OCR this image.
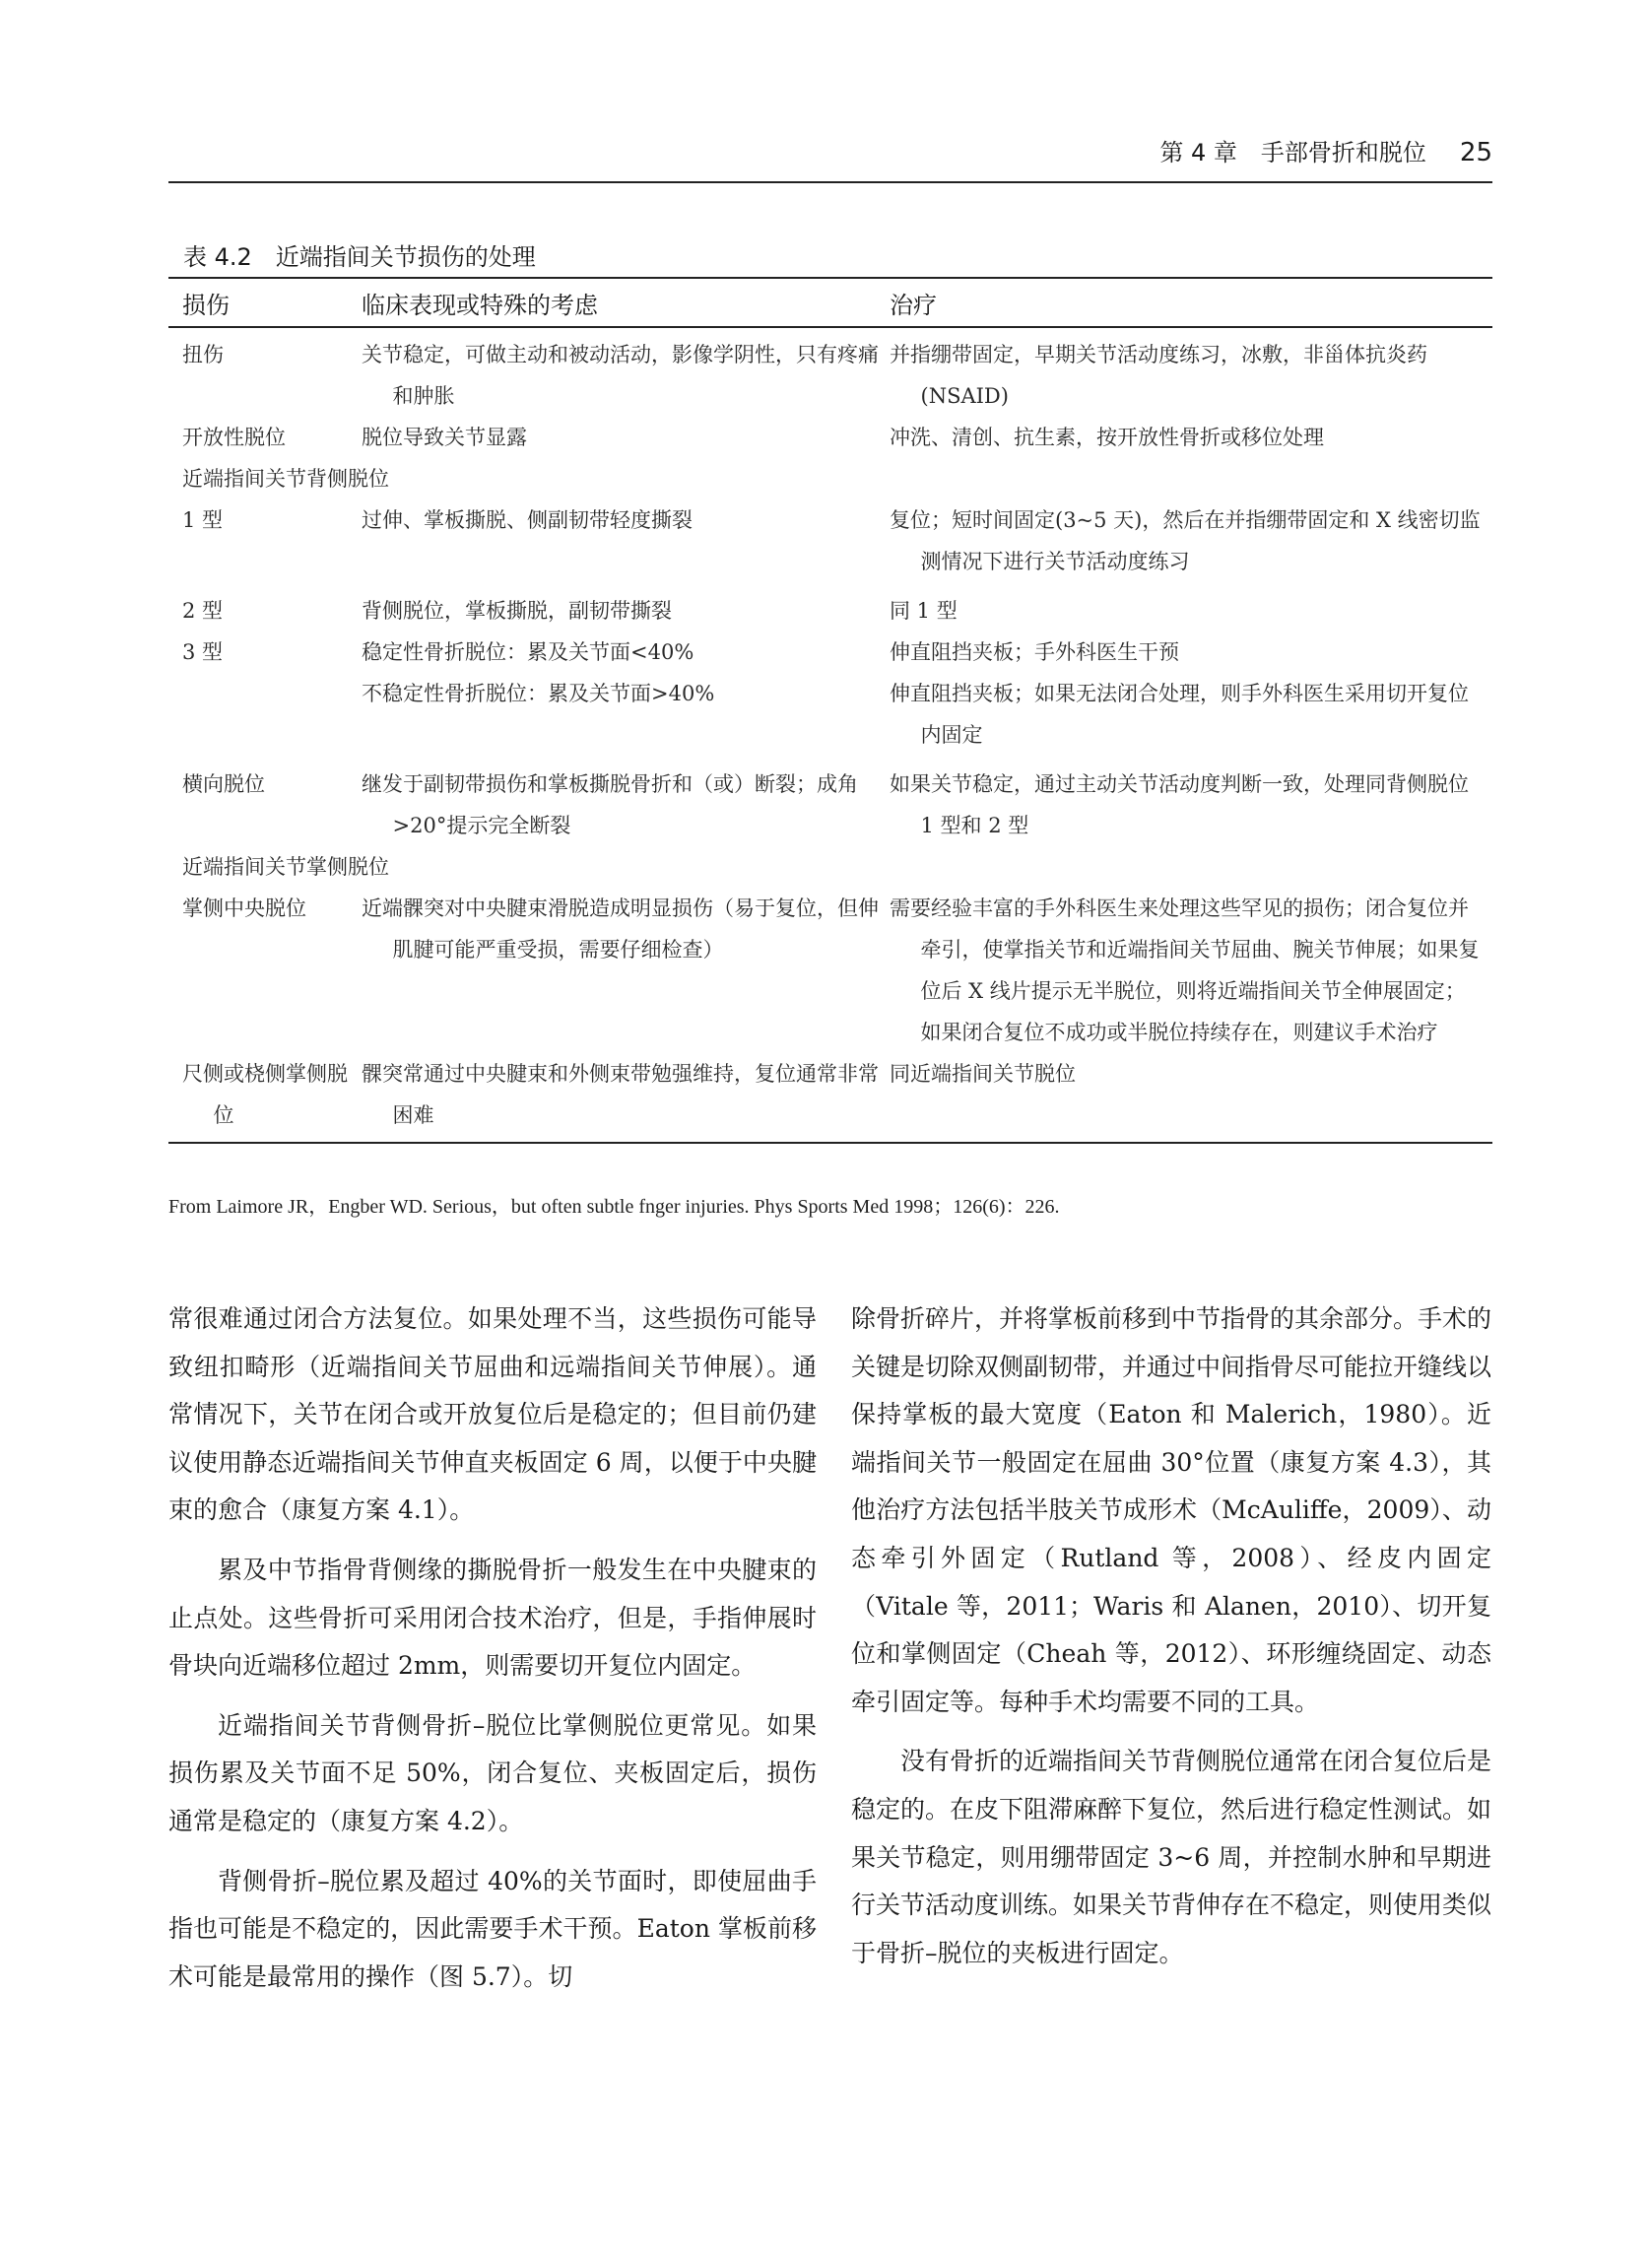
第 4 章　手部骨折和脱位 25
表 4.2　近端指间关节损伤的处理
损伤	临床表现或特殊的考虑	治疗
扭伤	关节稳定，可做主动和被动活动，影像学阴性，只有疼痛和肿胀	并指绷带固定，早期关节活动度练习，冰敷，非甾体抗炎药(NSAID)

开放性脱位	脱位导致关节显露	冲洗、清创、抗生素，按开放性骨折或移位处理

近端指间关节背侧脱位		
1 型	过伸、掌板撕脱、侧副韧带轻度撕裂	复位；短时间固定(3~5 天)，然后在并指绷带固定和 X 线密切监测情况下进行关节活动度练习

2 型	背侧脱位，掌板撕脱，副韧带撕裂	同 1 型

3 型	稳定性骨折脱位：累及关节面<40%	伸直阻挡夹板；手外科医生干预

	不稳定性骨折脱位：累及关节面>40%	伸直阻挡夹板；如果无法闭合处理，则手外科医生采用切开复位内固定

横向脱位	继发于副韧带损伤和掌板撕脱骨折和（或）断裂；成角>20°提示完全断裂	如果关节稳定，通过主动关节活动度判断一致，处理同背侧脱位 1 型和 2 型

近端指间关节掌侧脱位		
掌侧中央脱位	近端髁突对中央腱束滑脱造成明显损伤（易于复位，但伸肌腱可能严重受损，需要仔细检查）	需要经验丰富的手外科医生来处理这些罕见的损伤；闭合复位并牵引，使掌指关节和近端指间关节屈曲、腕关节伸展；如果复位后 X 线片提示无半脱位，则将近端指间关节全伸展固定；如果闭合复位不成功或半脱位持续存在，则建议手术治疗

尺侧或桡侧掌侧脱位	髁突常通过中央腱束和外侧束带勉强维持，复位通常非常困难	同近端指间关节脱位
From Laimore JR，Engber WD. Serious，but often subtle fnger injuries. Phys Sports Med 1998；126(6)：226.

常很难通过闭合方法复位。如果处理不当，这些损伤可能导致纽扣畸形（近端指间关节屈曲和远端指间关节伸展）。通常情况下，关节在闭合或开放复位后是稳定的；但目前仍建议使用静态近端指间关节伸直夹板固定 6 周，以便于中央腱束的愈合（康复方案 4.1）。

累及中节指骨背侧缘的撕脱骨折一般发生在中央腱束的止点处。这些骨折可采用闭合技术治疗，但是，手指伸展时骨块向近端移位超过 2mm，则需要切开复位内固定。

近端指间关节背侧骨折–脱位比掌侧脱位更常见。如果损伤累及关节面不足 50%，闭合复位、夹板固定后，损伤通常是稳定的（康复方案 4.2）。

背侧骨折–脱位累及超过 40%的关节面时，即使屈曲手指也可能是不稳定的，因此需要手术干预。Eaton 掌板前移术可能是最常用的操作（图 5.7）。切

除骨折碎片，并将掌板前移到中节指骨的其余部分。手术的关键是切除双侧副韧带，并通过中间指骨尽可能拉开缝线以保持掌板的最大宽度（Eaton 和 Malerich，1980）。近端指间关节一般固定在屈曲 30°位置（康复方案 4.3），其他治疗方法包括半肢关节成形术（McAuliffe，2009）、动态牵引外固定（Rutland 等，2008）、经皮内固定（Vitale 等，2011；Waris 和 Alanen，2010）、切开复位和掌侧固定（Cheah 等，2012）、环形缠绕固定、动态牵引固定等。每种手术均需要不同的工具。

没有骨折的近端指间关节背侧脱位通常在闭合复位后是稳定的。在皮下阻滞麻醉下复位，然后进行稳定性测试。如果关节稳定，则用绷带固定 3~6 周，并控制水肿和早期进行关节活动度训练。如果关节背伸存在不稳定，则使用类似于骨折–脱位的夹板进行固定。
